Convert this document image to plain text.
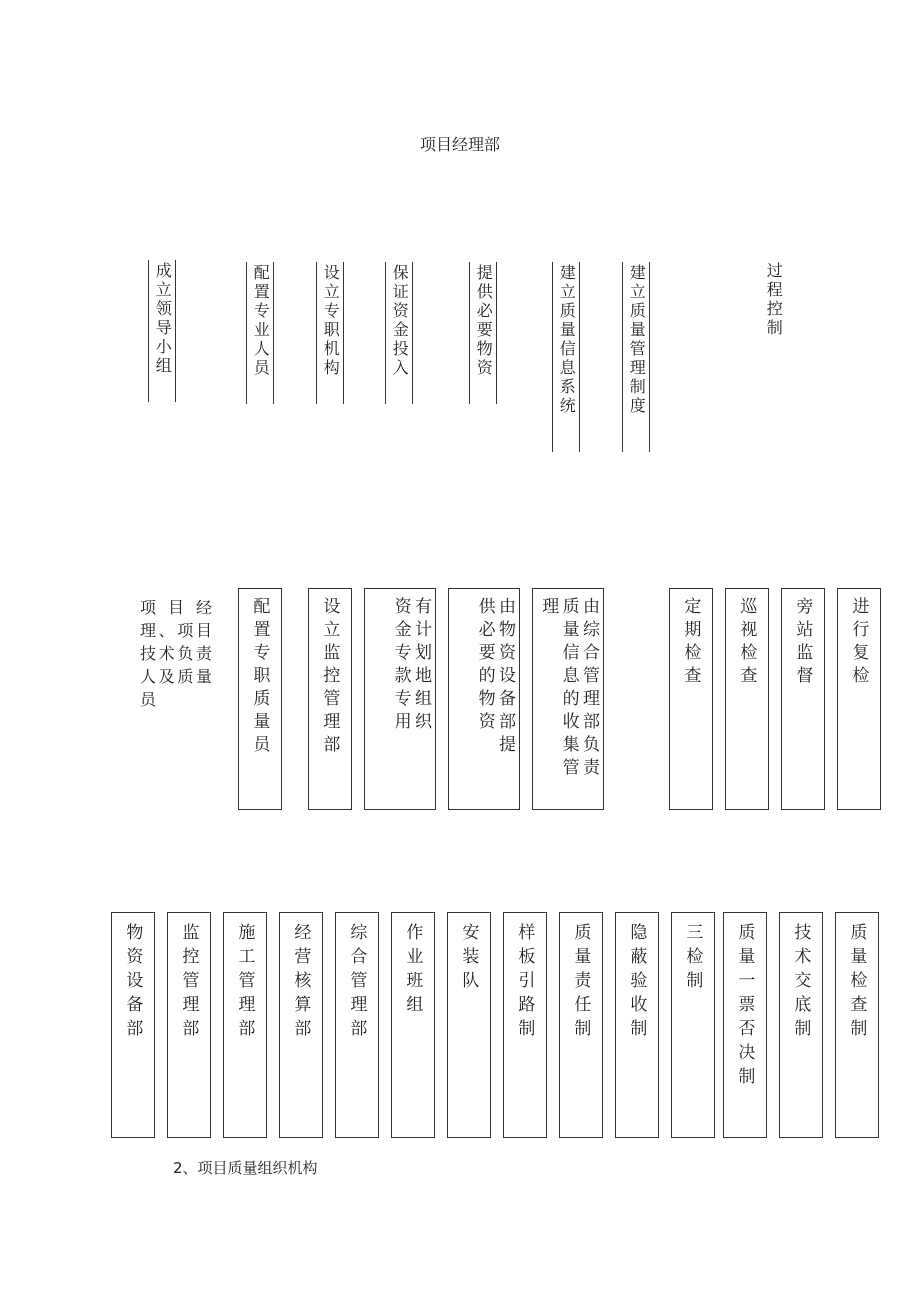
项目经理部
成立领导小组	配置专业人员	设立专职机构	保证资金投入	提供必要物资	建立质量信息系统	建立质量管理制度	过程控制
项目经理、项目技术负责人及质量员	配置专职质量员	设立监控管理部	有计划地组织资金专款专用	由物资设备部提供必要的物资	由综合管理部负责质量信息的收集管理	定期检查 巡视检查 旁站监督 进行复检
物资设备部 监控管理部 施工管理部 经营核算部 综合管理部 作业班组 安装队 样板引路制 质量责任制 隐蔽验收制 三检制 质量一票否决制 技术交底制 质量检查制
2、项目质量组织机构
